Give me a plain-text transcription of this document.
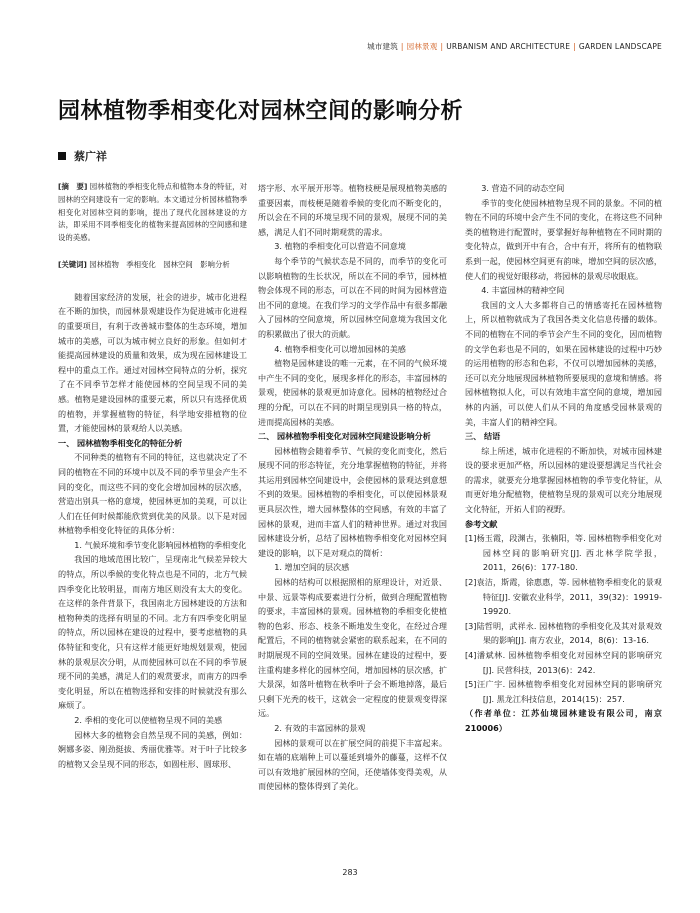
城市建筑 | 园林景观 | URBANISM AND ARCHITECTURE | GARDEN LANDSCAPE
园林植物季相变化对园林空间的影响分析
蔡广祥

[摘　要] 园林植物的季相变化特点和植物本身的特征，对园林的空间建设有一定的影响。本文通过分析园林植物季相变化对园林空间的影响，提出了现代化园林建设的方法，即采用不同季相变化的植物来提高园林的空间感和建设的美感。

[关键词] 园林植物　季相变化　园林空间　影响分析

随着国家经济的发展，社会的进步，城市化进程在不断的加快，而园林景观建设作为促进城市化进程的重要项目，有利于改善城市整体的生态环境，增加城市的美感，可以为城市树立良好的形象。但如何才能提高园林建设的质量和效果，成为现在园林建设工程中的重点工作。通过对园林空间特点的分析，探究了在不同季节怎样才能使园林的空间呈现不同的美感。植物是建设园林的重要元素，所以只有选择优质的植物，并掌握植物的特征，科学地安排植物的位置，才能使园林的景观给人以美感。

一、 园林植物季相变化的特征分析

不同种类的植物有不同的特征，这也就决定了不同的植物在不同的环境中以及不同的季节里会产生不同的变化，而这些不同的变化会增加园林的层次感，营造出别具一格的意境，使园林更加的美观，可以让人们在任何时候都能欣赏到优美的风景。以下是对园林植物季相变化特征的具体分析：

1. 气候环境和季节变化影响园林植物的季相变化

我国的地域范围比较广，呈现南北气候差异较大的特点，所以季候的变化特点也是不同的，北方气候四季变化比较明显，而南方地区则没有太大的变化。在这样的条件背景下，我国南北方园林建设的方法和植物种类的选择有明显的不同。北方有四季变化明显的特点，所以园林在建设的过程中，要考虑植物的具体特征和变化，只有这样才能更好地规划景观，使园林的景观层次分明，从而使园林可以在不同的季节展现不同的美感，满足人们的观赏要求，而南方的四季变化明显，所以在植物选择和安排的时候就没有那么麻烦了。

2. 季相的变化可以使植物呈现不同的美感

园林大多的植物会自然呈现不同的美感，例如：婀娜多姿、刚劲挺拔、秀丽优雅等。对于叶子比较多的植物又会呈现不同的形态，如圆柱形、圆球形、

塔字形、水平展开形等。植物枝梗是展现植物美感的重要因素，而枝梗是随着季候的变化而不断变化的，所以会在不同的环境呈现不同的景观，展现不同的美感，满足人们不同时期观赏的需求。

3. 植物的季相变化可以营造不同意境

每个季节的气候状态是不同的，而季节的变化可以影响植物的生长状况，所以在不同的季节，园林植物会体现不同的形态，可以在不同的时间为园林营造出不同的意境。在我们学习的文学作品中有很多都融入了园林的空间意境，所以园林空间意境为我国文化的积累做出了很大的贡献。

4. 植物季相变化可以增加园林的美感

植物是园林建设的唯一元素，在不同的气候环境中产生不同的变化，展现多样化的形态，丰富园林的景观，使园林的景观更加诗意化。园林的植物经过合理的分配，可以在不同的时期呈现别具一格的特点，进而提高园林的美感。

二、 园林植物季相变化对园林空间建设影响分析

园林植物会随着季节、气候的变化而变化，然后展现不同的形态特征，充分地掌握植物的特征，并将其运用到园林空间建设中，会使园林的景观达到意想不到的效果。园林植物的季相变化，可以使园林景观更具层次性，增大园林整体的空间感，有效的丰富了园林的景观，进而丰富人们的精神世界。通过对我国园林建设分析，总结了园林植物季相变化对园林空间建设的影响，以下是对观点的简析：

1. 增加空间的层次感

园林的结构可以根据照相的原理设计，对近景、中景、远景等构成要素进行分析，做到合理配置植物的要求，丰富园林的景观。园林植物的季相变化使植物的色彩、形态、枝条不断地发生变化，在经过合理配置后，不同的植物就会紧密的联系起来，在不同的时期展现不同的空间效果。园林在建设的过程中，要注重构建多样化的园林空间，增加园林的层次感，扩大景深，如落叶植物在秋季叶子会不断地掉落，最后只剩下光秃的枝干，这就会一定程度的使景观变得深远。

2. 有效的丰富园林的景观

园林的景观可以在扩展空间的前提下丰富起来。如在墙的底端种上可以蔓延到墙外的藤蔓，这样不仅可以有效地扩展园林的空间，还使墙体变得美观，从而使园林的整体得到了美化。

3. 营造不同的动态空间

季节的变化使园林植物呈现不同的景象。不同的植物在不同的环境中会产生不同的变化，在将这些不同种类的植物进行配置时，要掌握好每种植物在不同时期的变化特点，做到开中有合，合中有开，将所有的植物联系到一起，使园林空间更有韵味，增加空间的层次感，使人们的视觉好眼移动，将园林的景观尽收眼底。

4. 丰富园林的精神空间

我国的文人大多都将自己的情感寄托在园林植物上，所以植物就成为了我国各类文化信息传播的载体。不同的植物在不同的季节会产生不同的变化，因而植物的文学色彩也是不同的，如果在园林建设的过程中巧妙的运用植物的形态和色彩，不仅可以增加园林的美感，还可以充分地展现园林植物所要展现的意境和情感。将园林植物拟人化，可以有效地丰富空间的意境，增加园林的内涵，可以使人们从不同的角度感受园林景观的美，丰富人们的精神空间。

三、 结语

综上所述，城市化进程的不断加快，对城市园林建设的要求更加严格，所以园林的建设要想满足当代社会的需求，就要充分地掌握园林植物的季节变化特征，从而更好地分配植物，使植物呈现的景观可以充分地展现文化特征，开拓人们的视野。

参考文献

[1]杨玉霞，段渊古，张楠阳，等. 园林植物季相变化对园林空间的影响研究[J]. 西北林学院学报，2011，26(6)：177-180.

[2]袁洁，斯霞，徐惠惠，等. 园林植物季相变化的景观特征[J]. 安徽农业科学，2011，39(32)：19919-19920.

[3]陆哲明，武祥永. 园林植物的季相变化及其对景观效果的影响[J]. 南方农业，2014，8(6)：13-16.

[4]潘斌林. 园林植物季相变化对园林空间的影响研究[J]. 民营科技，2013(6)：242.

[5]汪广宇. 园林植物季相变化对园林空间的影响研究[J]. 黑龙江科技信息，2014(15)：257.

（作者单位：江苏仙境园林建设有限公司，南京 210006）

283
